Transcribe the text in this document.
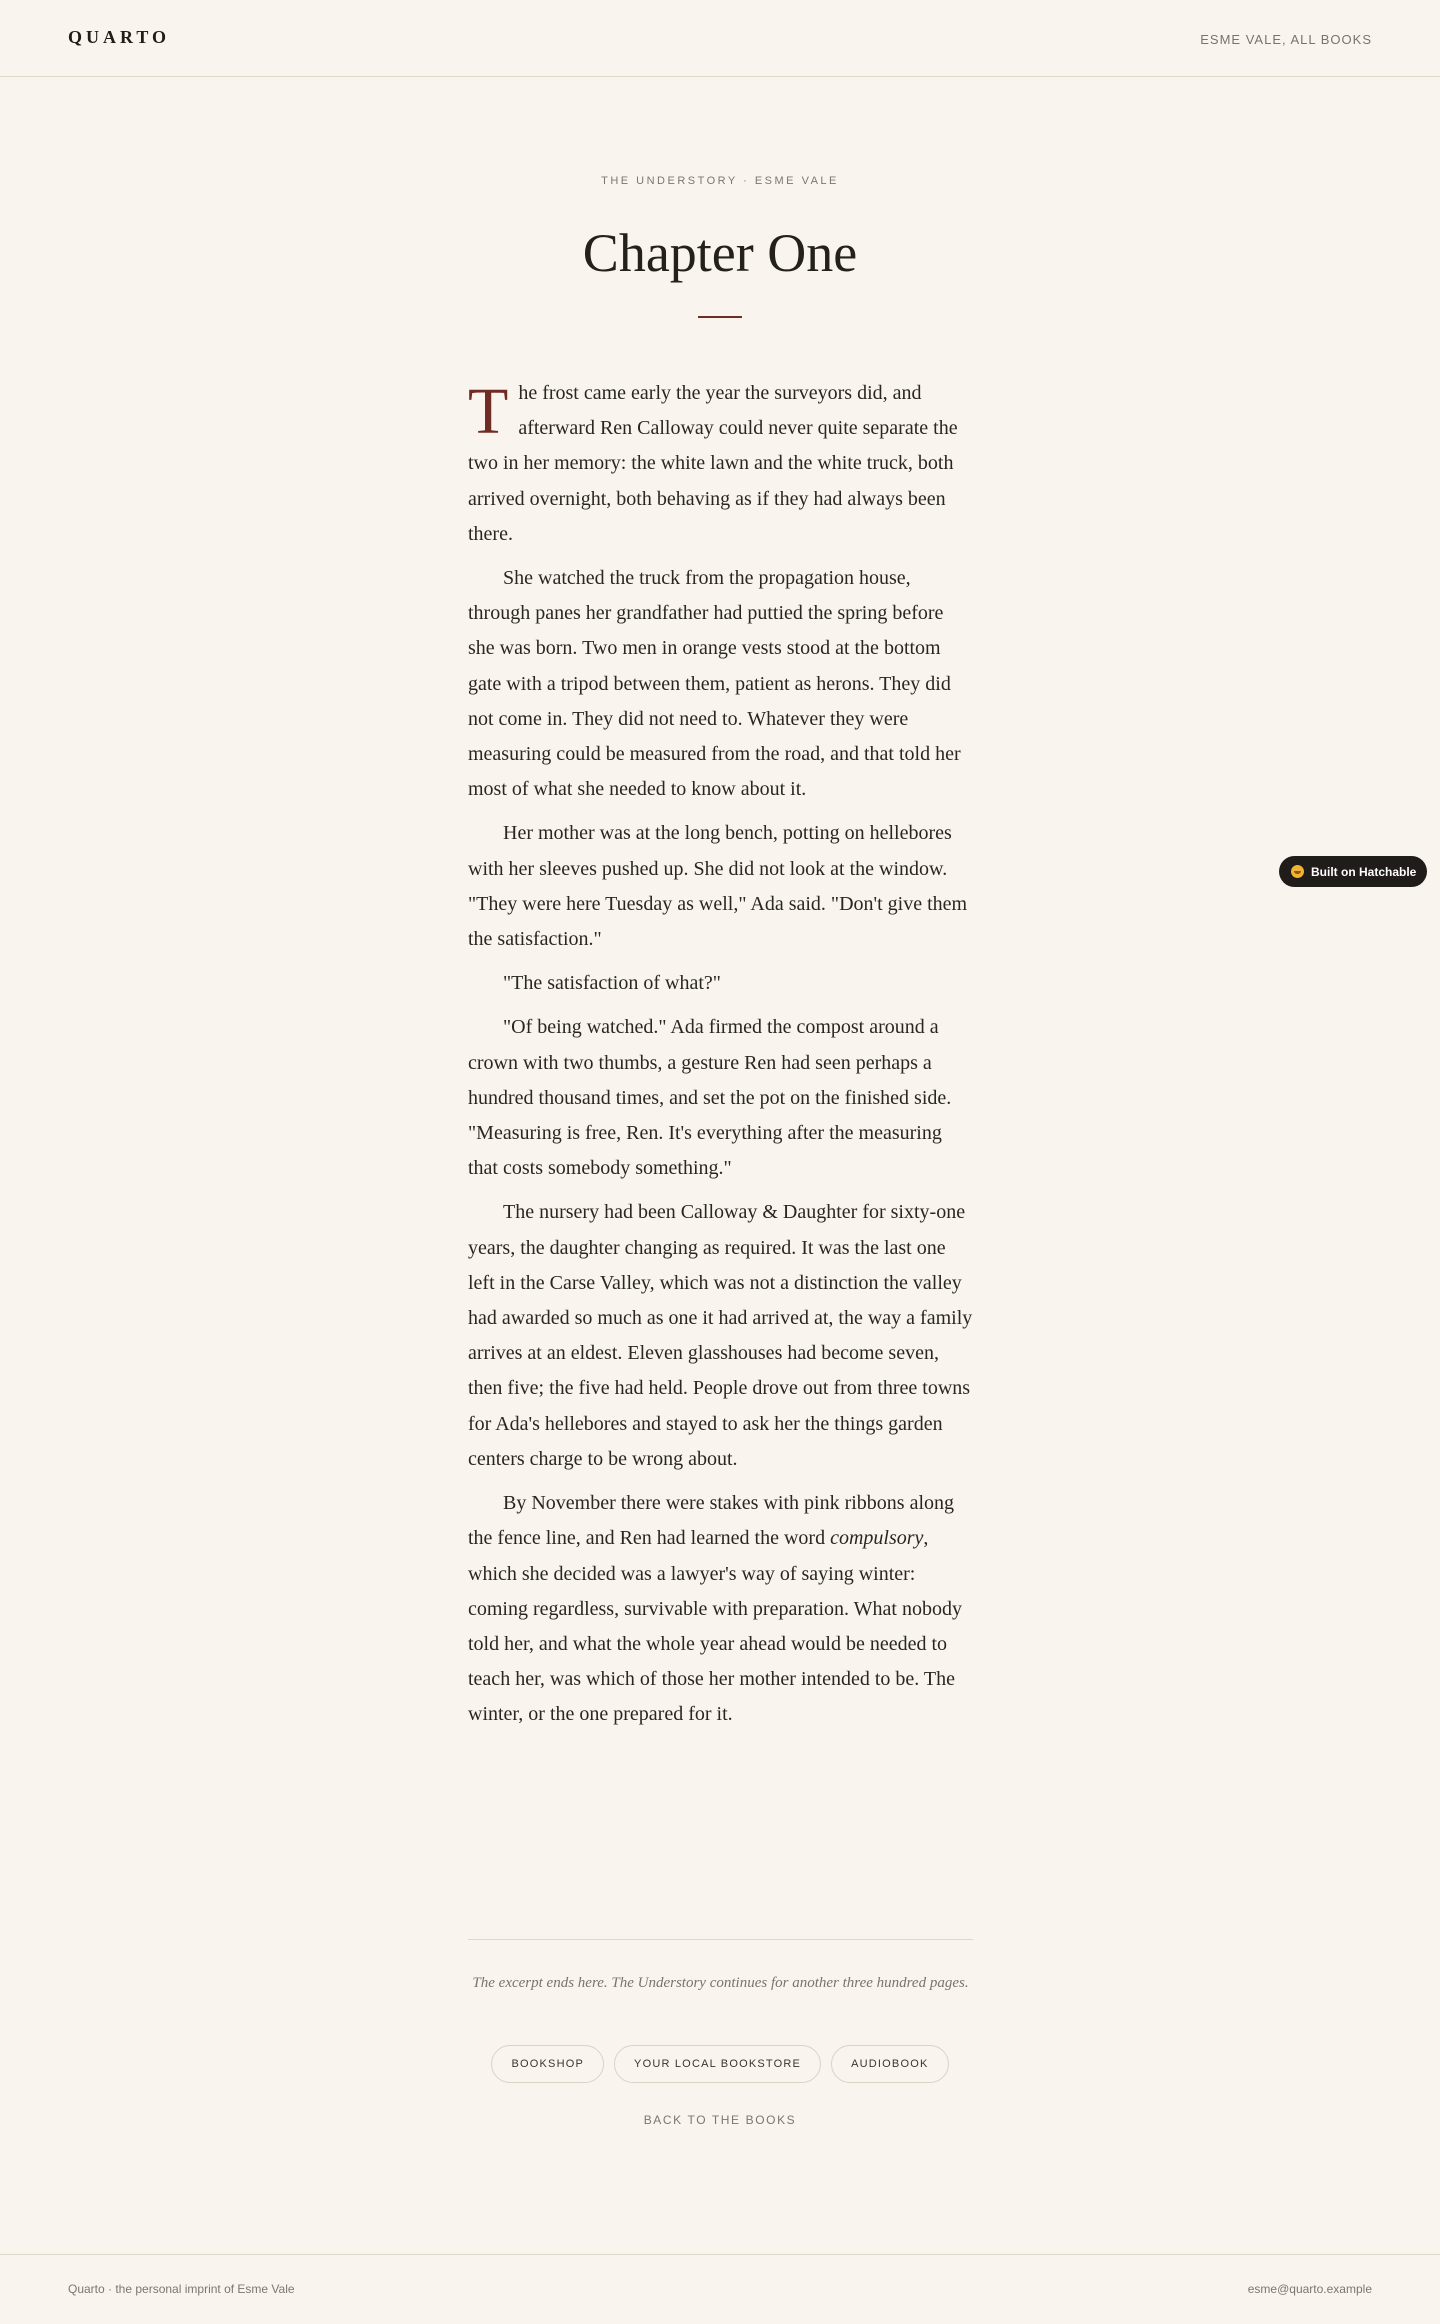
QUARTO	ESME VALE, ALL BOOKS
THE UNDERSTORY · ESME VALE
Chapter One

The frost came early the year the surveyors did, and afterward Ren Calloway could never quite separate the two in her memory: the white lawn and the white truck, both arrived overnight, both behaving as if they had always been there.

She watched the truck from the propagation house, through panes her grandfather had puttied the spring before she was born. Two men in orange vests stood at the bottom gate with a tripod between them, patient as herons. They did not come in. They did not need to. Whatever they were measuring could be measured from the road, and that told her most of what she needed to know about it.

Her mother was at the long bench, potting on hellebores with her sleeves pushed up. She did not look at the window. "They were here Tuesday as well," Ada said. "Don't give them the satisfaction."

"The satisfaction of what?"

"Of being watched." Ada firmed the compost around a crown with two thumbs, a gesture Ren had seen perhaps a hundred thousand times, and set the pot on the finished side. "Measuring is free, Ren. It's everything after the measuring that costs somebody something."

The nursery had been Calloway & Daughter for sixty-one years, the daughter changing as required. It was the last one left in the Carse Valley, which was not a distinction the valley had awarded so much as one it had arrived at, the way a family arrives at an eldest. Eleven glasshouses had become seven, then five; the five had held. People drove out from three towns for Ada's hellebores and stayed to ask her the things garden centers charge to be wrong about.

By November there were stakes with pink ribbons along the fence line, and Ren had learned the word compulsory, which she decided was a lawyer's way of saying winter: coming regardless, survivable with preparation. What nobody told her, and what the whole year ahead would be needed to teach her, was which of those her mother intended to be. The winter, or the one prepared for it.

The excerpt ends here. The Understory continues for another three hundred pages.
BOOKSHOP	YOUR LOCAL BOOKSTORE	AUDIOBOOK
BACK TO THE BOOKS
Quarto · the personal imprint of Esme Vale	esme@quarto.example
Built on Hatchable
